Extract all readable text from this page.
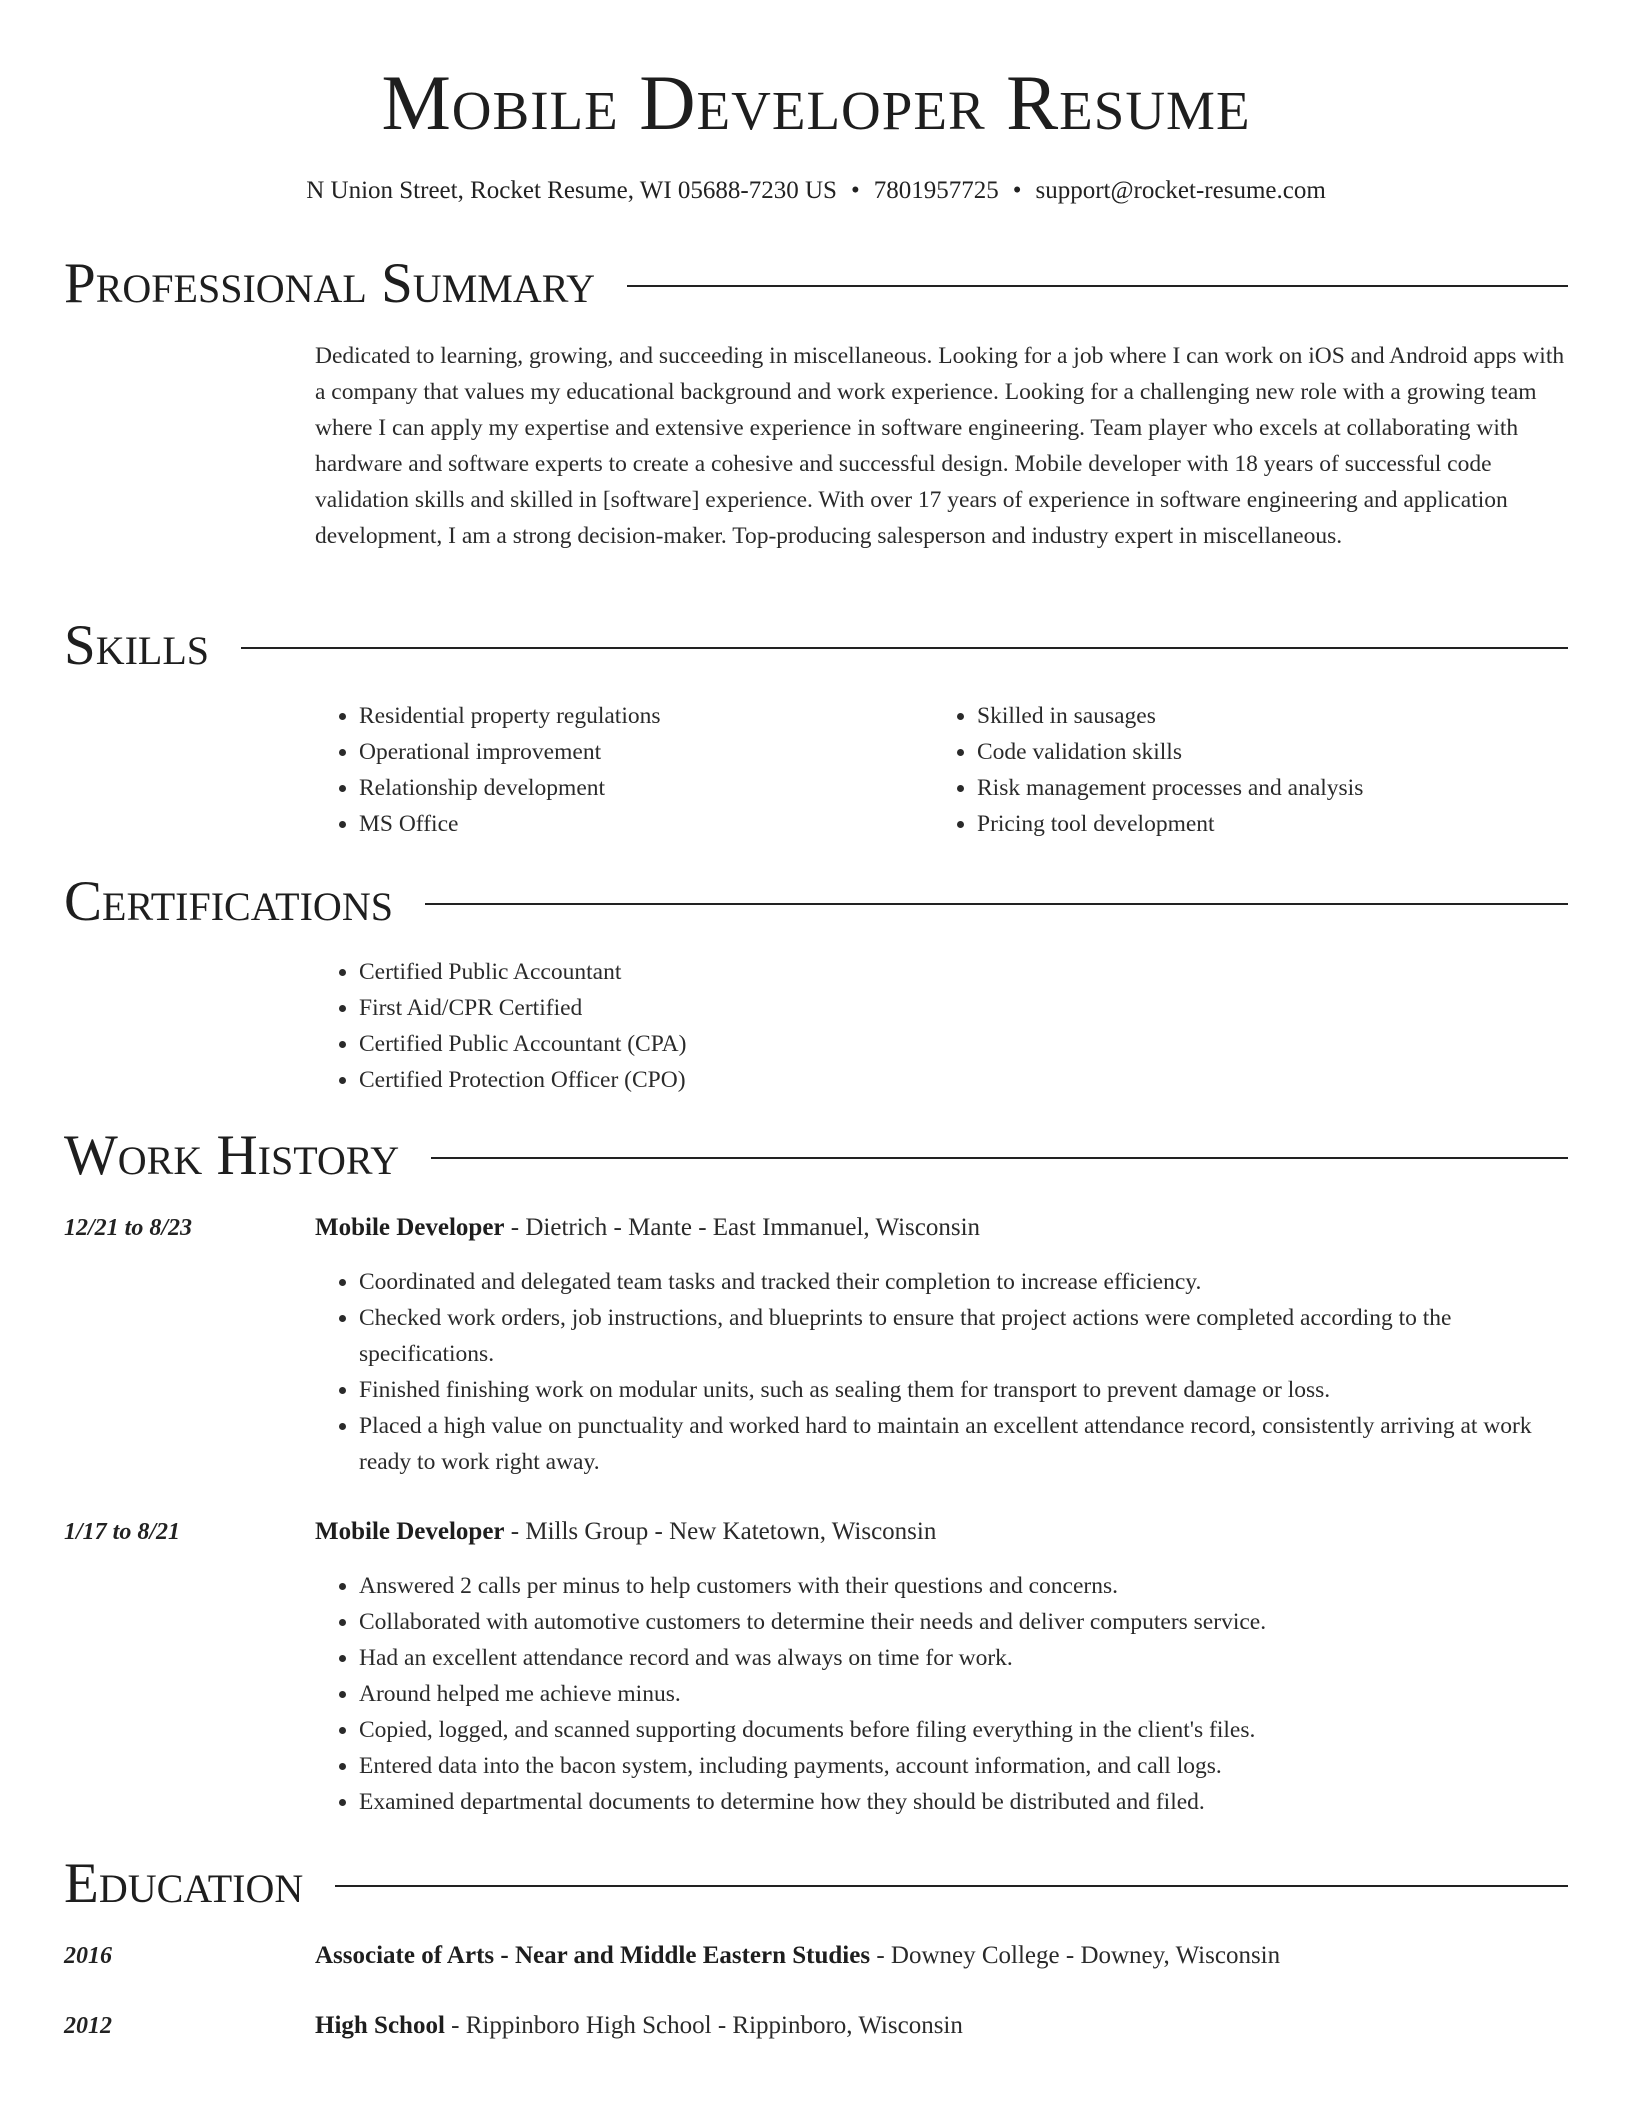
Mobile Developer Resume
N Union Street, Rocket Resume, WI 05688-7230 US • 7801957725 • support@rocket-resume.com
Professional Summary

Dedicated to learning, growing, and succeeding in miscellaneous. Looking for a job where I can work on iOS and Android apps with a company that values my educational background and work experience. Looking for a challenging new role with a growing team where I can apply my expertise and extensive experience in software engineering. Team player who excels at collaborating with hardware and software experts to create a cohesive and successful design. Mobile developer with 18 years of successful code validation skills and skilled in [software] experience. With over 17 years of experience in software engineering and application development, I am a strong decision-maker. Top-producing salesperson and industry expert in miscellaneous.

Skills
• Residential property regulations
• Operational improvement
• Relationship development
• MS Office
• Skilled in sausages
• Code validation skills
• Risk management processes and analysis
• Pricing tool development
Certifications
• Certified Public Accountant
• First Aid/CPR Certified
• Certified Public Accountant (CPA)
• Certified Protection Officer (CPO)
Work History
12/21 to 8/23	Mobile Developer - Dietrich - Mante - East Immanuel, Wisconsin
• Coordinated and delegated team tasks and tracked their completion to increase efficiency.
• Checked work orders, job instructions, and blueprints to ensure that project actions were completed according to the specifications.
• Finished finishing work on modular units, such as sealing them for transport to prevent damage or loss.
• Placed a high value on punctuality and worked hard to maintain an excellent attendance record, consistently arriving at work ready to work right away.
1/17 to 8/21	Mobile Developer - Mills Group - New Katetown, Wisconsin
• Answered 2 calls per minus to help customers with their questions and concerns.
• Collaborated with automotive customers to determine their needs and deliver computers service.
• Had an excellent attendance record and was always on time for work.
• Around helped me achieve minus.
• Copied, logged, and scanned supporting documents before filing everything in the client's files.
• Entered data into the bacon system, including payments, account information, and call logs.
• Examined departmental documents to determine how they should be distributed and filed.
Education
2016	Associate of Arts - Near and Middle Eastern Studies - Downey College - Downey, Wisconsin
2012	High School - Rippinboro High School - Rippinboro, Wisconsin
